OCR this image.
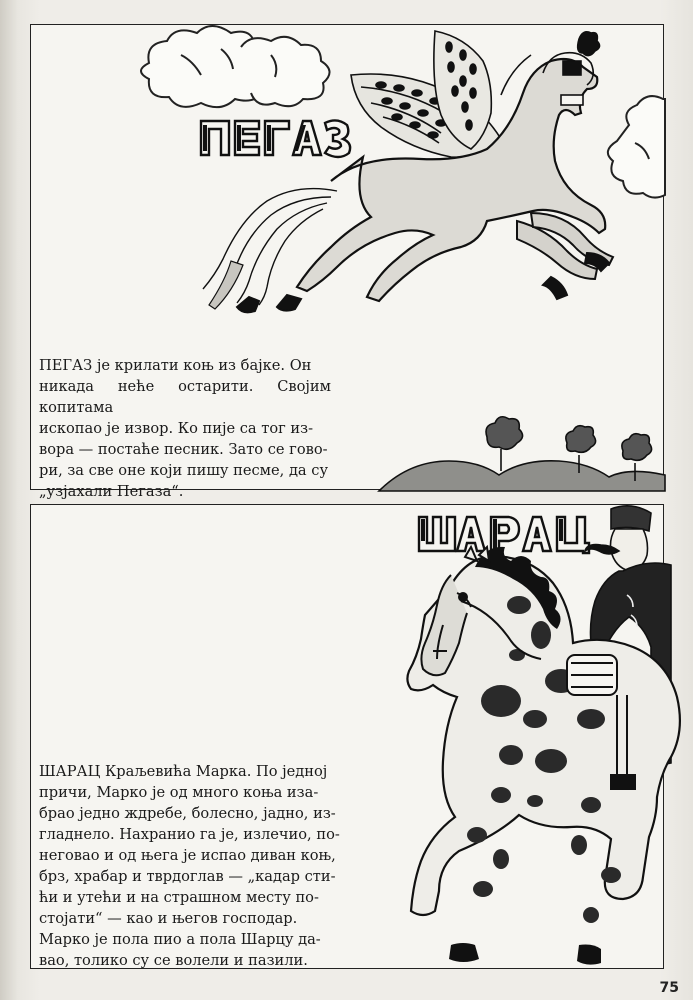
ПЕГАЗ је крилати коњ из бајке. Он
никада неће остарити. Својим копитама
ископао је извор. Ко пије са тог из-
вора — постаће песник. Зато се гово-
ри, за све оне који пишу песме, да су
„узјахали Пегаза“.
ШАРАЦ Краљевића Марка. По једној
причи, Марко је од много коња иза-
брао једно ждребе, болесно, јадно, из-
гладнело. Нахранио га је, излечио, по-
неговао и од њега је испао диван коњ,
брз, храбар и тврдоглав — „кадар сти-
ћи и утећи и на страшном месту по-
стојати“ — као и његов господар.
Марко је пола пио а пола Шарцу да-
вао, толико су се волели и пазили.
75
